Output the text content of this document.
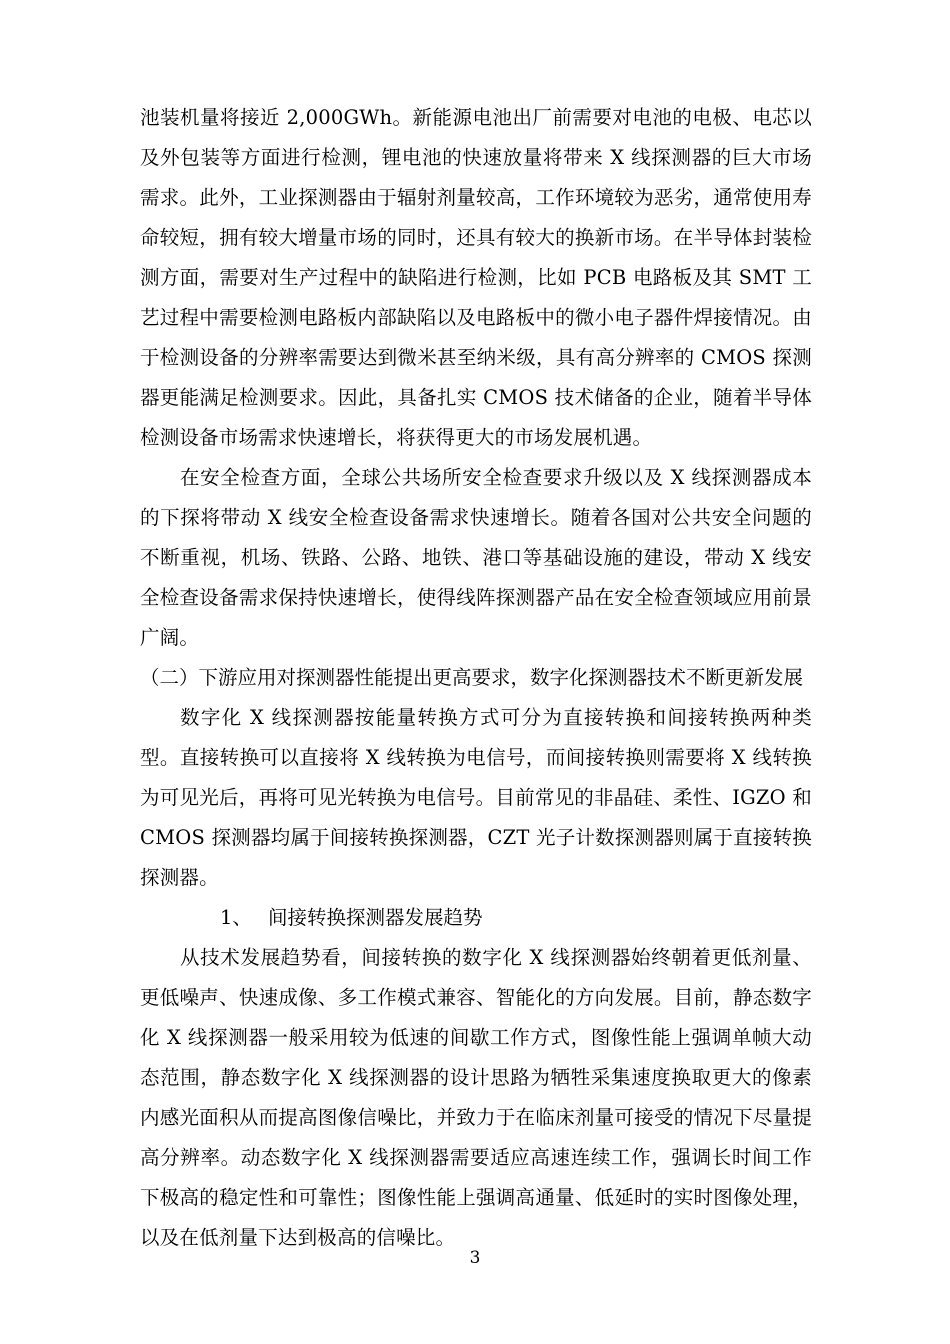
池装机量将接近 2,000GWh。新能源电池出厂前需要对电池的电极、电芯以及外包装等方面进行检测，锂电池的快速放量将带来 X 线探测器的巨大市场需求。此外，工业探测器由于辐射剂量较高，工作环境较为恶劣，通常使用寿命较短，拥有较大增量市场的同时，还具有较大的换新市场。在半导体封装检测方面，需要对生产过程中的缺陷进行检测，比如 PCB 电路板及其 SMT 工艺过程中需要检测电路板内部缺陷以及电路板中的微小电子器件焊接情况。由于检测设备的分辨率需要达到微米甚至纳米级，具有高分辨率的 CMOS 探测器更能满足检测要求。因此，具备扎实 CMOS 技术储备的企业，随着半导体检测设备市场需求快速增长，将获得更大的市场发展机遇。

在安全检查方面，全球公共场所安全检查要求升级以及 X 线探测器成本的下探将带动 X 线安全检查设备需求快速增长。随着各国对公共安全问题的不断重视，机场、铁路、公路、地铁、港口等基础设施的建设，带动 X 线安全检查设备需求保持快速增长，使得线阵探测器产品在安全检查领域应用前景广阔。

（二）下游应用对探测器性能提出更高要求，数字化探测器技术不断更新发展

数字化 X 线探测器按能量转换方式可分为直接转换和间接转换两种类型。直接转换可以直接将 X 线转换为电信号，而间接转换则需要将 X 线转换为可见光后，再将可见光转换为电信号。目前常见的非晶硅、柔性、IGZO 和 CMOS 探测器均属于间接转换探测器，CZT 光子计数探测器则属于直接转换探测器。

1、 间接转换探测器发展趋势

从技术发展趋势看，间接转换的数字化 X 线探测器始终朝着更低剂量、更低噪声、快速成像、多工作模式兼容、智能化的方向发展。目前，静态数字化 X 线探测器一般采用较为低速的间歇工作方式，图像性能上强调单帧大动态范围，静态数字化 X 线探测器的设计思路为牺牲采集速度换取更大的像素内感光面积从而提高图像信噪比，并致力于在临床剂量可接受的情况下尽量提高分辨率。动态数字化 X 线探测器需要适应高速连续工作，强调长时间工作下极高的稳定性和可靠性；图像性能上强调高通量、低延时的实时图像处理，以及在低剂量下达到极高的信噪比。

3
